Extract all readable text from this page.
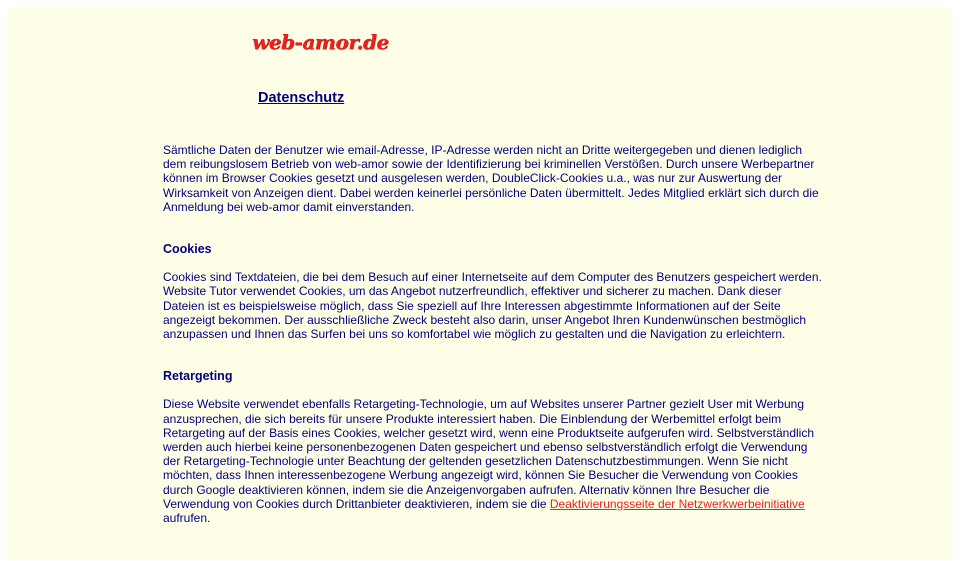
web-amor.de
Datenschutz

Sämtliche Daten der Benutzer wie email-Adresse, IP-Adresse werden nicht an Dritte weitergegeben und dienen lediglich dem reibungslosem Betrieb von web-amor sowie der Identifizierung bei kriminellen Verstößen. Durch unsere Werbepartner können im Browser Cookies gesetzt und ausgelesen werden, DoubleClick-Cookies u.a., was nur zur Auswertung der Wirksamkeit von Anzeigen dient. Dabei werden keinerlei persönliche Daten übermittelt. Jedes Mitglied erklärt sich durch die Anmeldung bei web-amor damit einverstanden.

Cookies

Cookies sind Textdateien, die bei dem Besuch auf einer Internetseite auf dem Computer des Benutzers gespeichert werden. Website Tutor verwendet Cookies, um das Angebot nutzerfreundlich, effektiver und sicherer zu machen. Dank dieser Dateien ist es beispielsweise möglich, dass Sie speziell auf Ihre Interessen abgestimmte Informationen auf der Seite angezeigt bekommen. Der ausschließliche Zweck besteht also darin, unser Angebot Ihren Kundenwünschen bestmöglich anzupassen und Ihnen das Surfen bei uns so komfortabel wie möglich zu gestalten und die Navigation zu erleichtern.

Retargeting

Diese Website verwendet ebenfalls Retargeting-Technologie, um auf Websites unserer Partner gezielt User mit Werbung anzusprechen, die sich bereits für unsere Produkte interessiert haben. Die Einblendung der Werbemittel erfolgt beim Retargeting auf der Basis eines Cookies, welcher gesetzt wird, wenn eine Produktseite aufgerufen wird. Selbstverständlich werden auch hierbei keine personenbezogenen Daten gespeichert und ebenso selbstverständlich erfolgt die Verwendung der Retargeting-Technologie unter Beachtung der geltenden gesetzlichen Datenschutzbestimmungen. Wenn Sie nicht möchten, dass Ihnen interessenbezogene Werbung angezeigt wird, können Sie Besucher die Verwendung von Cookies durch Google deaktivieren können, indem sie die Anzeigenvorgaben aufrufen. Alternativ können Ihre Besucher die Verwendung von Cookies durch Drittanbieter deaktivieren, indem sie die Deaktivierungsseite der Netzwerkwerbeinitiative aufrufen.
